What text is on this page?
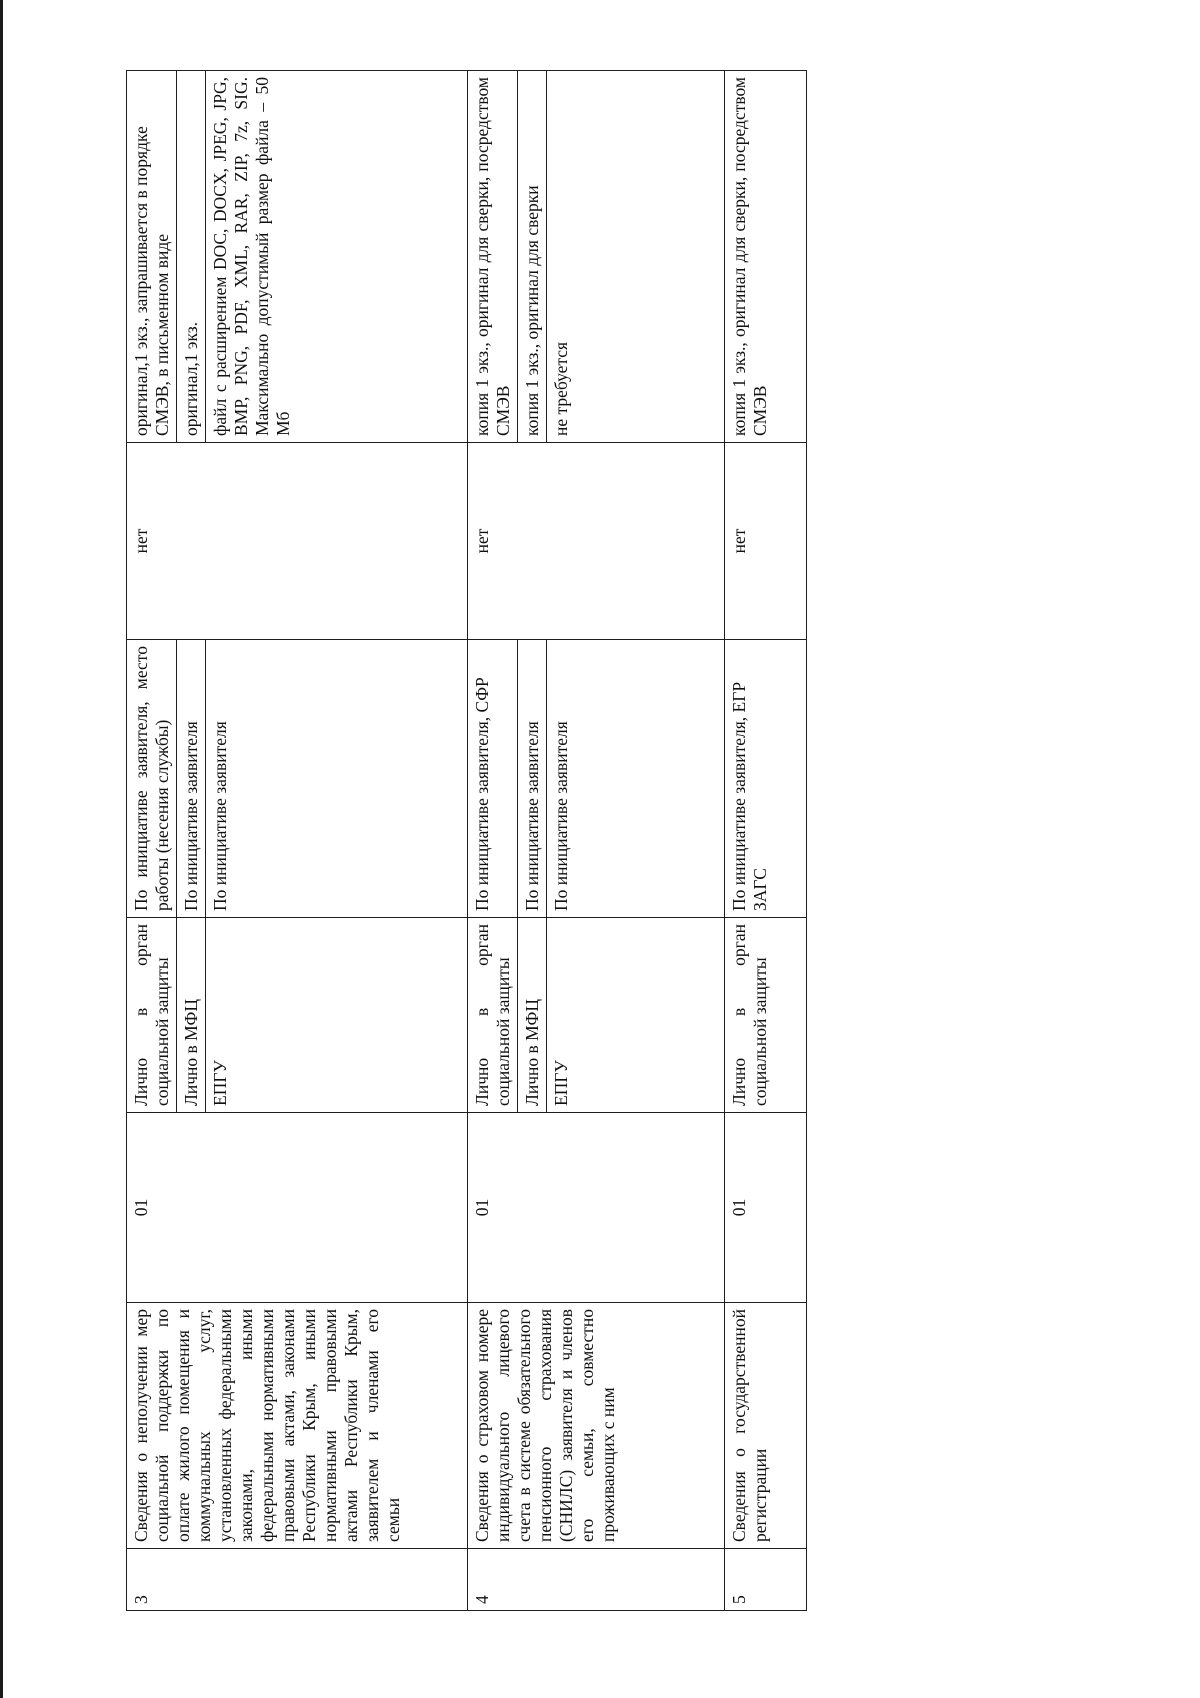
3	Сведения о неполучении мер социальной поддержки по оплате жилого помещения и коммунальных услуг, установленных федеральными законами, иными федеральными нормативными правовыми актами, законами Республики Крым, иными нормативными правовыми актами Республики Крым, заявителем и членами его семьи	01	Лично в орган социальной защиты	По инициативе заявителя, место работы (несения службы)	нет	оригинал,1 экз., запрашивается в порядке СМЭВ, в письменном виде
			Лично в МФЦ	По инициативе заявителя		оригинал,1 экз.
			ЕПГУ	По инициативе заявителя		файл с расширением DOC, DOCX, JPEG, JPG, BMP, PNG, PDF, XML, RAR, ZIP, 7z, SIG. Максимально допустимый размер файла – 50 Мб
4	Сведения о страховом номере индивидуального лицевого счета в системе обязательного пенсионного страхования (СНИЛС) заявителя и членов его семьи, совместно проживающих с ним	01	Лично в орган социальной защиты	По инициативе заявителя, СФР	нет	копия 1 экз., оригинал для сверки, посредством СМЭВ
			Лично в МФЦ	По инициативе заявителя		копия 1 экз., оригинал для сверки
			ЕПГУ	По инициативе заявителя		не требуется
5	Сведения о государственной регистрации	01	Лично в орган социальной защиты	По инициативе заявителя, ЕГР ЗАГС	нет	копия 1 экз., оригинал для сверки, посредством СМЭВ
